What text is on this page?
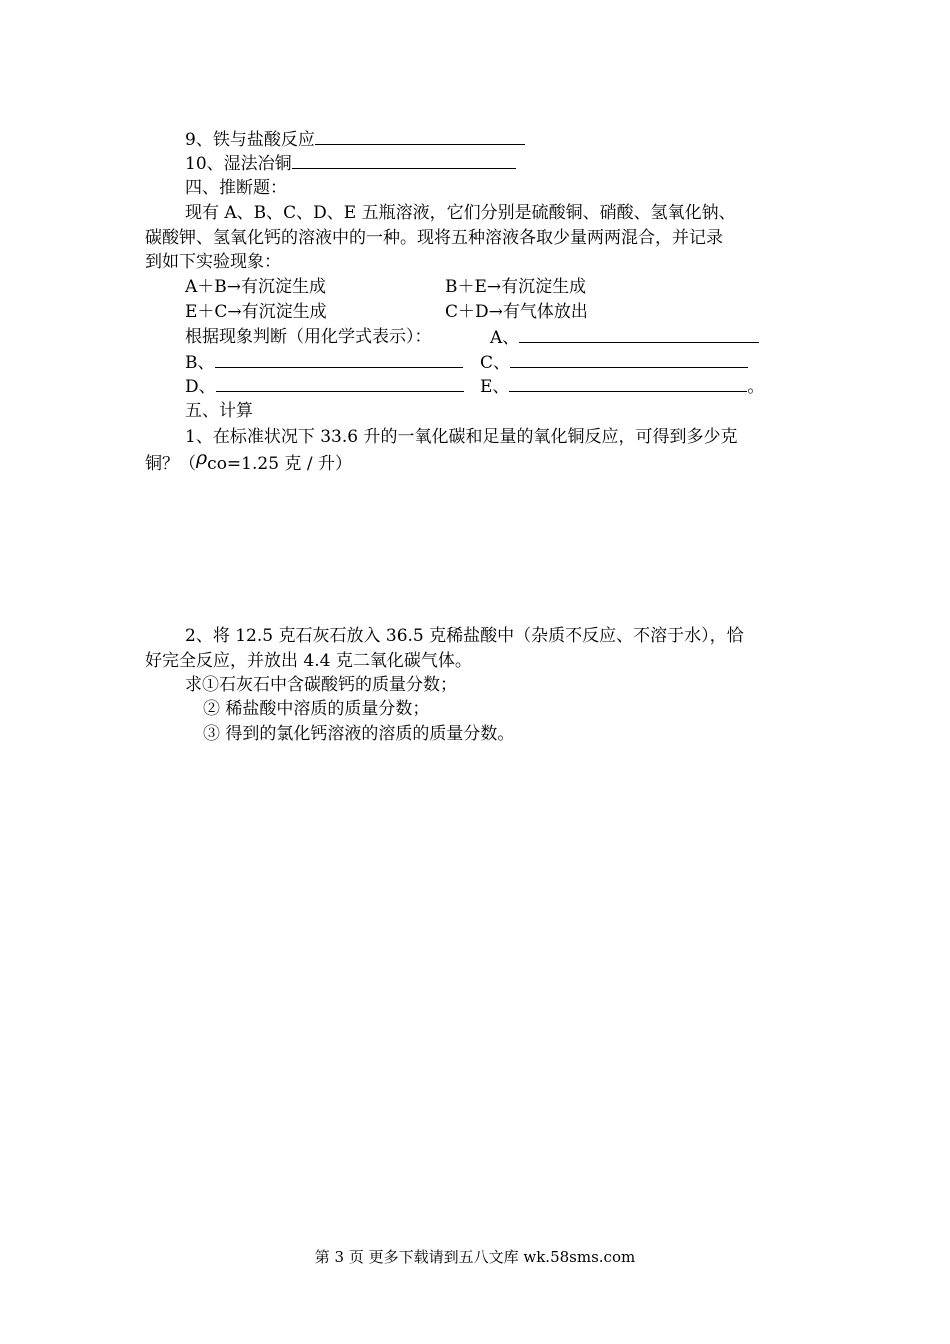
9、铁与盐酸反应
10、湿法冶铜
四、推断题：
现有 A、B、C、D、E 五瓶溶液，它们分别是硫酸铜、硝酸、氢氧化钠、
碳酸钾、氢氧化钙的溶液中的一种。现将五种溶液各取少量两两混合，并记录
到如下实验现象：
A＋B→有沉淀生成	B＋E→有沉淀生成
E＋C→有沉淀生成	C＋D→有气体放出
根据现象判断（用化学式表示）：	A、
B、	C、
D、	E、	。
五、计算
1、在标准状况下 33.6 升的一氧化碳和足量的氧化铜反应，可得到多少克
铜？（ρco=1.25 克 / 升）
2、将 12.5 克石灰石放入 36.5 克稀盐酸中（杂质不反应、不溶于水），恰
好完全反应，并放出 4.4 克二氧化碳气体。
求①石灰石中含碳酸钙的质量分数；
② 稀盐酸中溶质的质量分数；
③ 得到的氯化钙溶液的溶质的质量分数。
第 3 页 更多下载请到五八文库 wk.58sms.com
